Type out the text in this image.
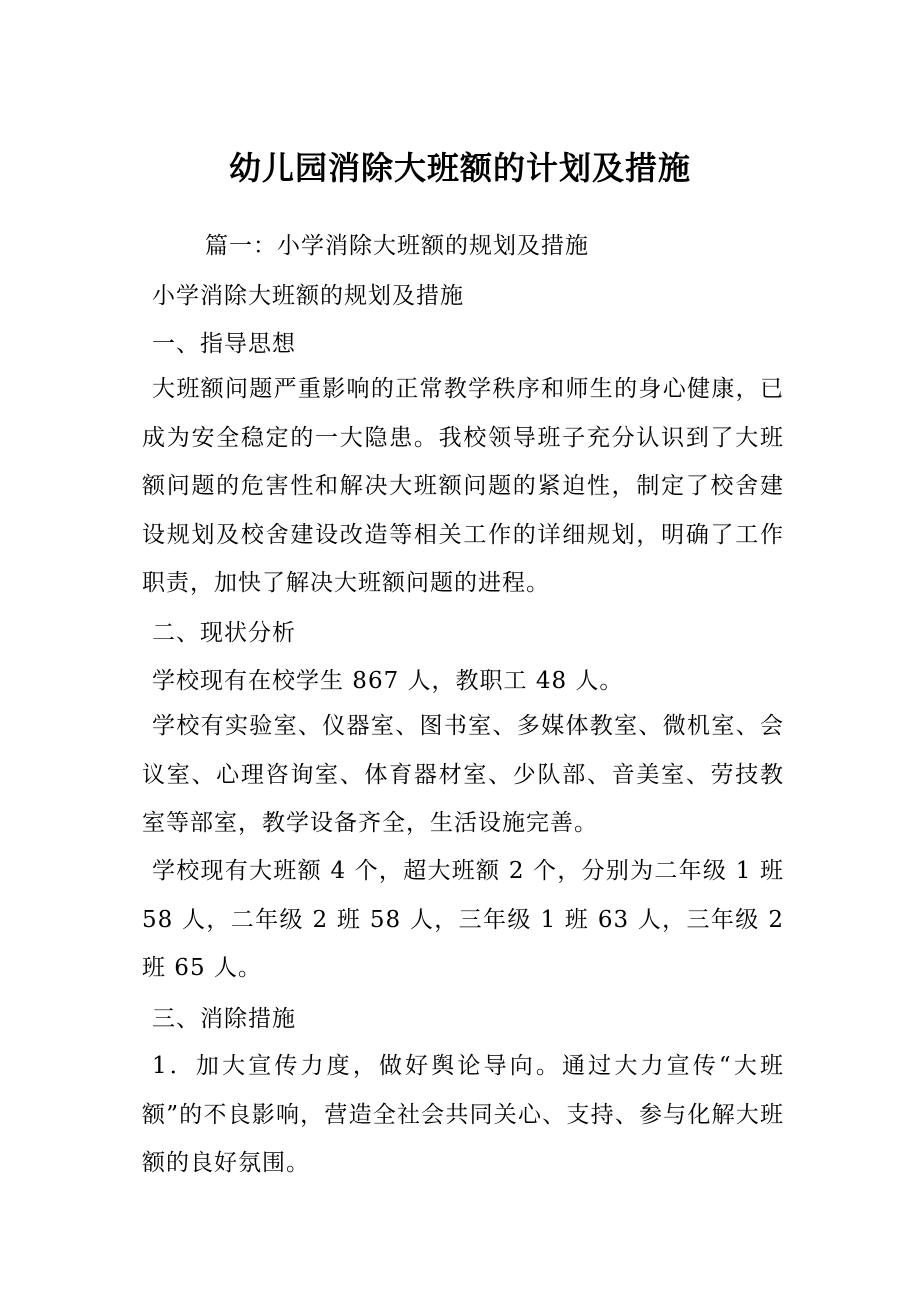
幼儿园消除大班额的计划及措施
篇一：小学消除大班额的规划及措施
小学消除大班额的规划及措施
一、指导思想

大班额问题严重影响的正常教学秩序和师生的身心健康，已成为安全稳定的一大隐患。我校领导班子充分认识到了大班额问题的危害性和解决大班额问题的紧迫性，制定了校舍建设规划及校舍建设改造等相关工作的详细规划，明确了工作职责，加快了解决大班额问题的进程。

二、现状分析
学校现有在校学生 867 人，教职工 48 人。

学校有实验室、仪器室、图书室、多媒体教室、微机室、会议室、心理咨询室、体育器材室、少队部、音美室、劳技教室等部室，教学设备齐全，生活设施完善。

学校现有大班额 4 个，超大班额 2 个，分别为二年级 1 班 58 人，二年级 2 班 58 人，三年级 1 班 63 人，三年级 2 班 65 人。

三、消除措施

1．加大宣传力度，做好舆论导向。通过大力宣传“大班额”的不良影响，营造全社会共同关心、支持、参与化解大班额的良好氛围。
